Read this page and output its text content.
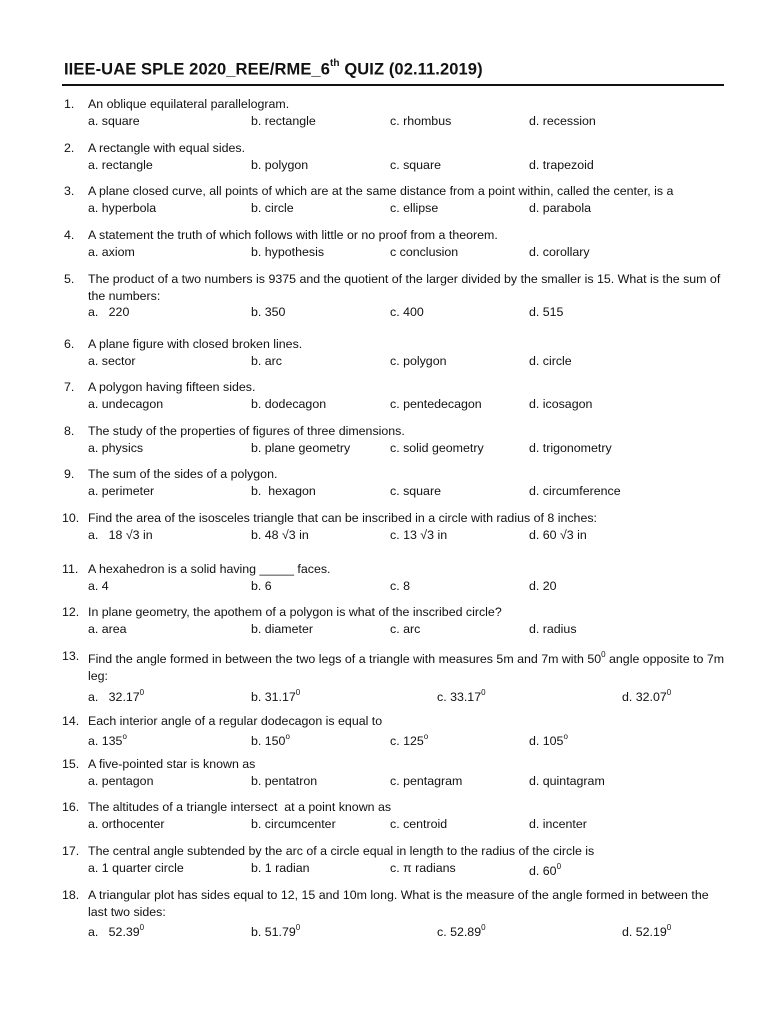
IIEE-UAE SPLE 2020_REE/RME_6th QUIZ (02.11.2019)
1. An oblique equilateral parallelogram.
a. square	b. rectangle	c. rhombus	d. recession
2. A rectangle with equal sides.
a. rectangle	b. polygon	c. square	d. trapezoid
3. A plane closed curve, all points of which are at the same distance from a point within, called the center, is a
a. hyperbola	b. circle	c. ellipse	d. parabola
4. A statement the truth of which follows with little or no proof from a theorem.
a. axiom	b. hypothesis	c conclusion	d. corollary
5. The product of a two numbers is 9375 and the quotient of the larger divided by the smaller is 15. What is the sum of the numbers:
a.   220	b. 350	c. 400	d. 515
6. A plane figure with closed broken lines.
a. sector	b. arc	c. polygon	d. circle
7. A polygon having fifteen sides.
a. undecagon	b. dodecagon	c. pentedecagon	d. icosagon
8. The study of the properties of figures of three dimensions.
a. physics	b. plane geometry	c. solid geometry	d. trigonometry
9. The sum of the sides of a polygon.
a. perimeter	b.  hexagon	c. square	d. circumference
10. Find the area of the isosceles triangle that can be inscribed in a circle with radius of 8 inches:
a.   18 √3 in	b. 48 √3 in	c. 13 √3 in	d. 60 √3 in
11. A hexahedron is a solid having _____ faces.
a. 4	b. 6	c. 8	d. 20
12. In plane geometry, the apothem of a polygon is what of the inscribed circle?
a. area	b. diameter	c. arc	d. radius
13. Find the angle formed in between the two legs of a triangle with measures 5m and 7m with $50^0$ angle opposite to 7m leg:
a.   32.17$^0$	b. 31.17$^0$	c. 33.17$^0$	d. 32.07$^0$
14. Each interior angle of a regular dodecagon is equal to
a. 135$^o$	b. 150$^o$	c. 125$^o$	d. 105$^o$
15. A five-pointed star is known as
a. pentagon	b. pentatron	c. pentagram	d. quintagram
16. The altitudes of a triangle intersect  at a point known as
a. orthocenter	b. circumcenter	c. centroid	d. incenter
17. The central angle subtended by the arc of a circle equal in length to the radius of the circle is
a. 1 quarter circle	b. 1 radian	c. π radians	d. $60^0$
18. A triangular plot has sides equal to 12, 15 and 10m long. What is the measure of the angle formed in between the last two sides:
a.   52.39$^0$	b. 51.79$^0$	c. 52.89$^0$	d. 52.19$^0$
